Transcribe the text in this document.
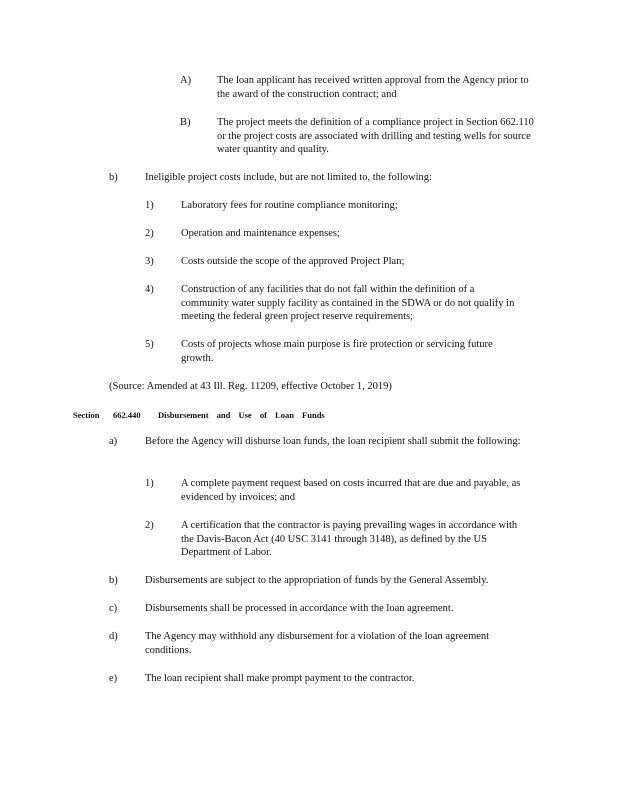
A) The loan applicant has received written approval from the Agency prior to the award of the construction contract; and
B)	The project meets the definition of a compliance project in Section 662.110 or the project costs are associated with drilling and testing wells for source water quantity and quality.
b)	Ineligible project costs include, but are not limited to, the following:
1)	Laboratory fees for routine compliance monitoring;
2)	Operation and maintenance expenses;
3)	Costs outside the scope of the approved Project Plan;
4)	Construction of any facilities that do not fall within the definition of a community water supply facility as contained in the SDWA or do not qualify in meeting the federal green project reserve requirements;
5)	Costs of projects whose main purpose is fire protection or servicing future growth.
(Source: Amended at 43 Ill. Reg. 11209, effective October 1, 2019)
Section 662.440 Disbursement and Use of Loan Funds
a)	Before the Agency will disburse loan funds, the loan recipient shall submit the following:
1)	A complete payment request based on costs incurred that are due and payable, as evidenced by invoices; and
2)	A certification that the contractor is paying prevailing wages in accordance with the Davis-Bacon Act (40 USC 3141 through 3148), as defined by the US Department of Labor.
b)	Disbursements are subject to the appropriation of funds by the General Assembly.
c)	Disbursements shall be processed in accordance with the loan agreement.
d)	The Agency may withhold any disbursement for a violation of the loan agreement conditions.
e)	The loan recipient shall make prompt payment to the contractor.
